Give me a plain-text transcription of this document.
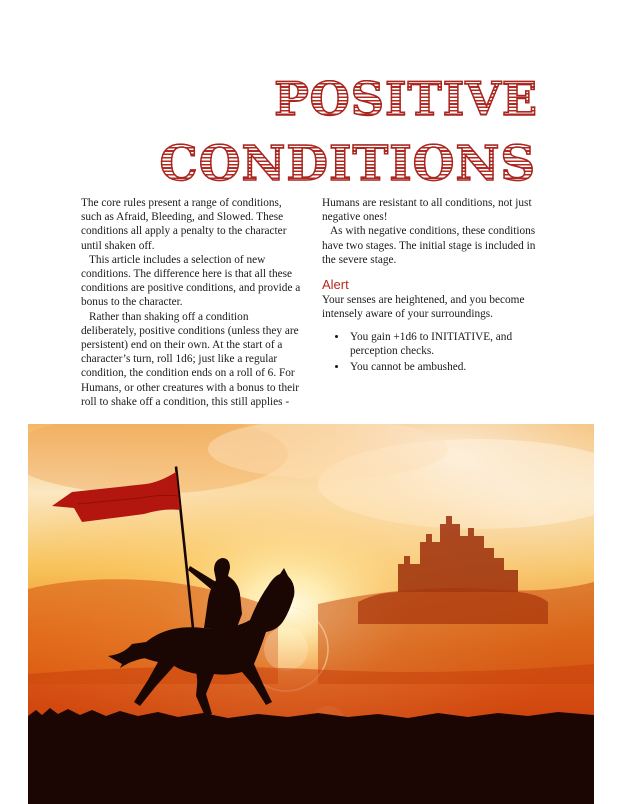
POSITIVE
CONDITIONS

The core rules present a range of conditions, such as Afraid, Bleeding, and Slowed. These conditions all apply a penalty to the character until shaken off.

This article includes a selection of new conditions. The difference here is that all these conditions are positive conditions, and provide a bonus to the character.

Rather than shaking off a condition deliberately, positive conditions (unless they are persistent) end on their own. At the start of a character’s turn, roll 1d6; just like a regular condition, the condition ends on a roll of 6. For Humans, or other creatures with a bonus to their roll to shake off a condition, this still applies -

Humans are resistant to all conditions, not just negative ones!

As with negative conditions, these conditions have two stages. The initial stage is included in the severe stage.

Alert

Your senses are heightened, and you become intensely aware of your surroundings.

• You gain +1d6 to INITIATIVE, and perception checks.
• You cannot be ambushed.
